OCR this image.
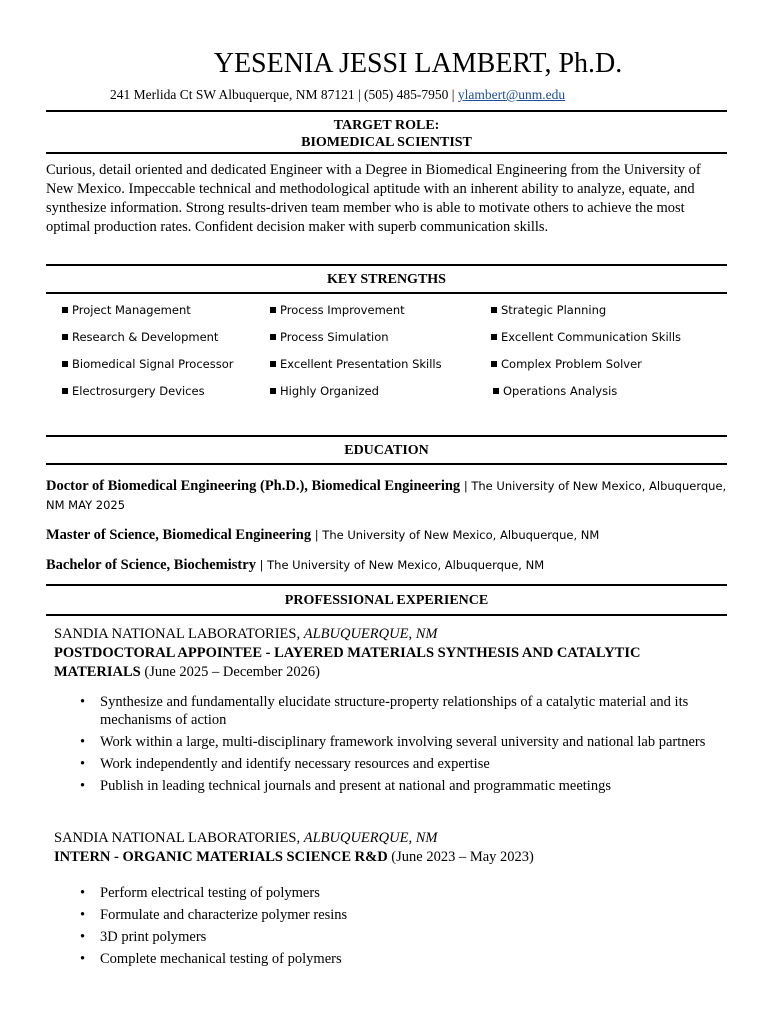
YESENIA JESSI LAMBERT, Ph.D.
241 Merlida Ct SW Albuquerque, NM 87121 | (505) 485-7950 | ylambert@unm.edu
TARGET ROLE:
BIOMEDICAL SCIENTIST
Curious, detail oriented and dedicated Engineer with a Degree in Biomedical Engineering from the University of New Mexico. Impeccable technical and methodological aptitude with an inherent ability to analyze, equate, and synthesize information. Strong results-driven team member who is able to motivate others to achieve the most optimal production rates. Confident decision maker with superb communication skills.
KEY STRENGTHS
Project Management	Process Improvement	Strategic Planning
Research & Development	Process Simulation	Excellent Communication Skills
Biomedical Signal Processor	Excellent Presentation Skills	Complex Problem Solver
Electrosurgery Devices	Highly Organized	Operations Analysis
EDUCATION
Doctor of Biomedical Engineering (Ph.D.), Biomedical Engineering | The University of New Mexico, Albuquerque, NM MAY 2025
Master of Science, Biomedical Engineering | The University of New Mexico, Albuquerque, NM
Bachelor of Science, Biochemistry | The University of New Mexico, Albuquerque, NM
PROFESSIONAL EXPERIENCE
SANDIA NATIONAL LABORATORIES, ALBUQUERQUE, NM
POSTDOCTORAL APPOINTEE - LAYERED MATERIALS SYNTHESIS AND CATALYTIC MATERIALS (June 2025 – December 2026)
• Synthesize and fundamentally elucidate structure-property relationships of a catalytic material and its mechanisms of action
• Work within a large, multi-disciplinary framework involving several university and national lab partners
• Work independently and identify necessary resources and expertise
• Publish in leading technical journals and present at national and programmatic meetings
SANDIA NATIONAL LABORATORIES, ALBUQUERQUE, NM
INTERN - ORGANIC MATERIALS SCIENCE R&D (June 2023 – May 2023)
• Perform electrical testing of polymers
• Formulate and characterize polymer resins
• 3D print polymers
• Complete mechanical testing of polymers
